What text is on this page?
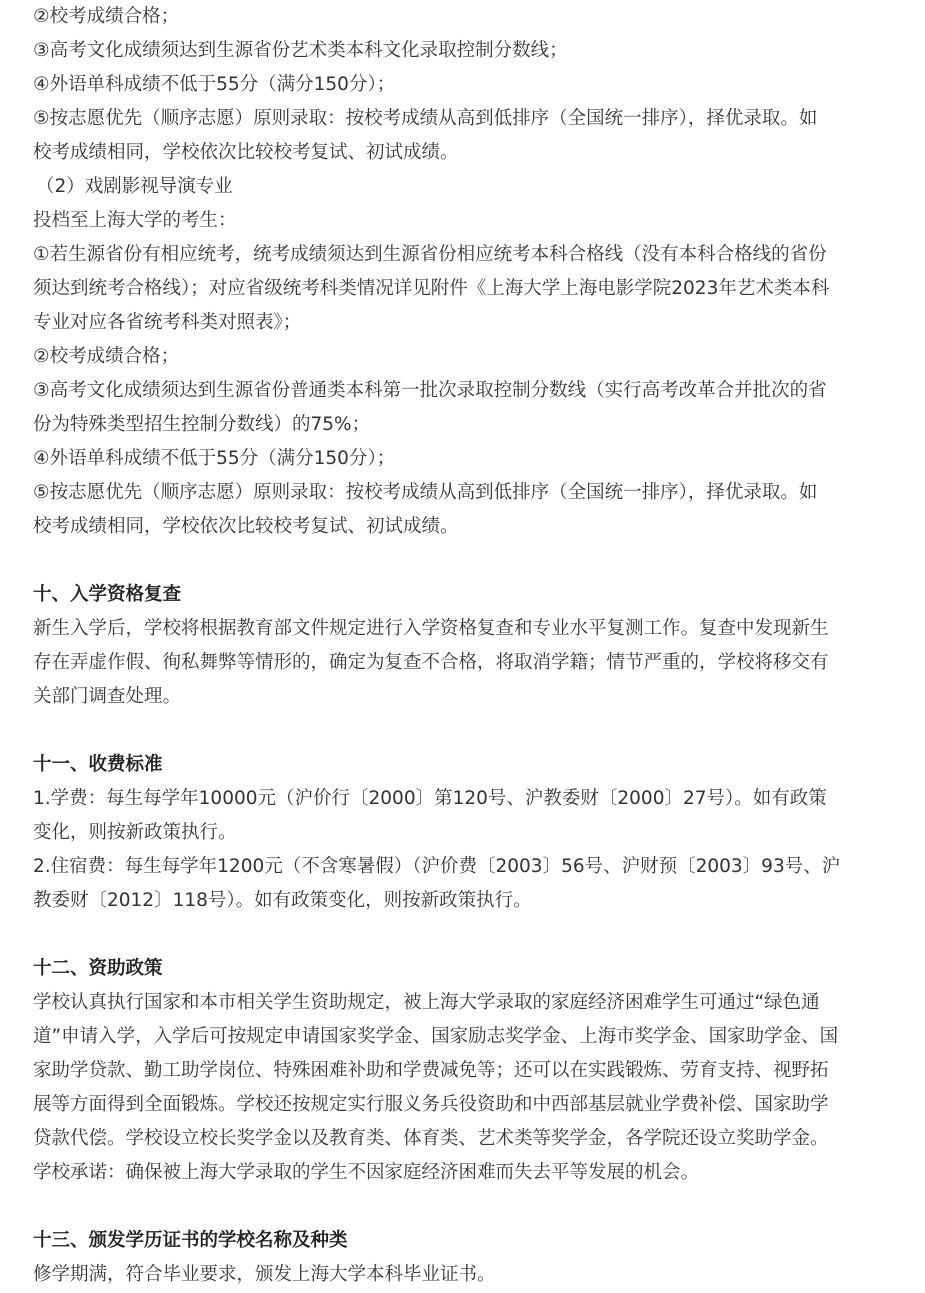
②校考成绩合格；
③高考文化成绩须达到生源省份艺术类本科文化录取控制分数线；
④外语单科成绩不低于55分（满分150分）；
⑤按志愿优先（顺序志愿）原则录取：按校考成绩从高到低排序（全国统一排序），择优录取。如
校考成绩相同，学校依次比较校考复试、初试成绩。
（2）戏剧影视导演专业
投档至上海大学的考生：
①若生源省份有相应统考，统考成绩须达到生源省份相应统考本科合格线（没有本科合格线的省份
须达到统考合格线）；对应省级统考科类情况详见附件《上海大学上海电影学院2023年艺术类本科
专业对应各省统考科类对照表》；
②校考成绩合格；
③高考文化成绩须达到生源省份普通类本科第一批次录取控制分数线（实行高考改革合并批次的省
份为特殊类型招生控制分数线）的75%；
④外语单科成绩不低于55分（满分150分）；
⑤按志愿优先（顺序志愿）原则录取：按校考成绩从高到低排序（全国统一排序），择优录取。如
校考成绩相同，学校依次比较校考复试、初试成绩。
十、入学资格复查
新生入学后，学校将根据教育部文件规定进行入学资格复查和专业水平复测工作。复查中发现新生
存在弄虚作假、徇私舞弊等情形的，确定为复查不合格，将取消学籍；情节严重的，学校将移交有
关部门调查处理。
十一、收费标准
1.学费：每生每学年10000元（沪价行〔2000〕第120号、沪教委财〔2000〕27号）。如有政策
变化，则按新政策执行。
2.住宿费：每生每学年1200元（不含寒暑假）（沪价费〔2003〕56号、沪财预〔2003〕93号、沪
教委财〔2012〕118号）。如有政策变化，则按新政策执行。
十二、资助政策
学校认真执行国家和本市相关学生资助规定，被上海大学录取的家庭经济困难学生可通过“绿色通
道”申请入学，入学后可按规定申请国家奖学金、国家励志奖学金、上海市奖学金、国家助学金、国
家助学贷款、勤工助学岗位、特殊困难补助和学费减免等；还可以在实践锻炼、劳育支持、视野拓
展等方面得到全面锻炼。学校还按规定实行服义务兵役资助和中西部基层就业学费补偿、国家助学
贷款代偿。学校设立校长奖学金以及教育类、体育类、艺术类等奖学金，各学院还设立奖助学金。
学校承诺：确保被上海大学录取的学生不因家庭经济困难而失去平等发展的机会。
十三、颁发学历证书的学校名称及种类
修学期满，符合毕业要求，颁发上海大学本科毕业证书。
